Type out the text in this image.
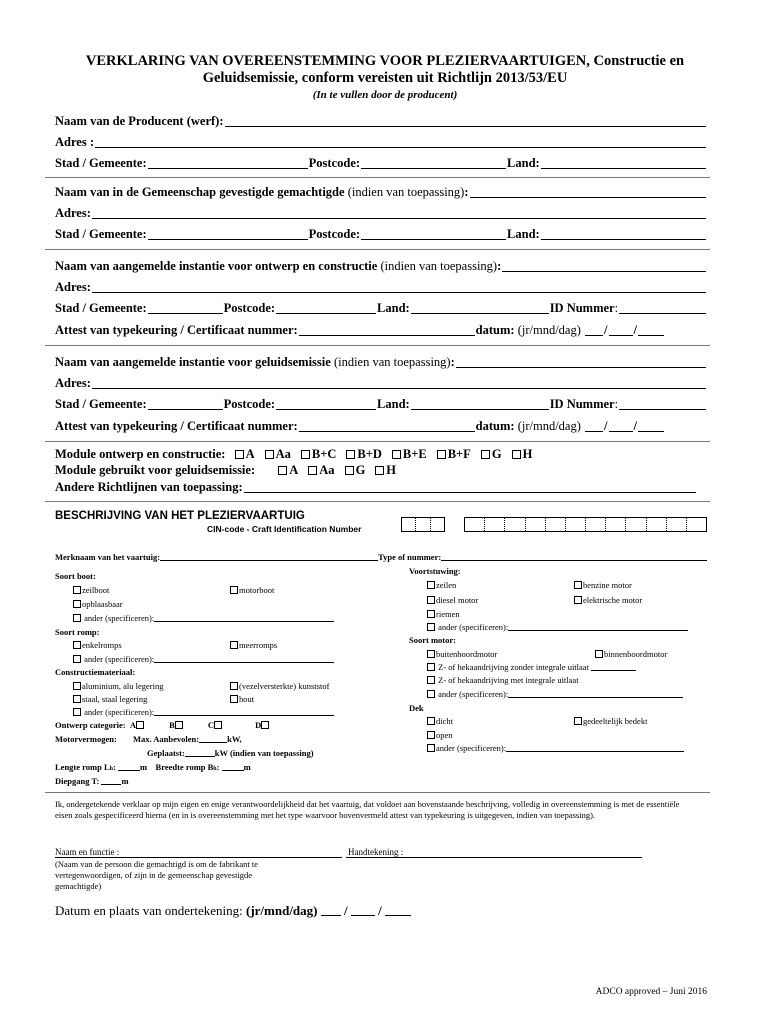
VERKLARING VAN OVEREENSTEMMING VOOR PLEZIERVAARTUIGEN, Constructie en
Geluidsemissie, conform vereisten uit Richtlijn 2013/53/EU
(In te vullen door de producent)
Naam van de Producent (werf):
Adres :
Stad / Gemeente:	Postcode:	Land:
Naam van in de Gemeenschap gevestigde gemachtigde
(indien van toepassing) :
Adres:
Stad / Gemeente:	Postcode:	Land:
Naam van aangemelde instantie voor ontwerp en constructie
(indien van toepassing) :
Adres:
Stad / Gemeente:	Postcode:	Land:	ID Nummer :
Attest van typekeuring / Certificaat nummer:	datum:
(jr/mnd/dag)
/ /
Naam van aangemelde instantie voor geluidsemissie
(indien van toepassing) :
Adres:
Stad / Gemeente:	Postcode:	Land:	ID Nummer :
Attest van typekeuring / Certificaat nummer:	datum:
(jr/mnd/dag)
/ /
Module ontwerp en constructie: A Aa B+C B+D B+E B+F G H
Module gebruikt voor geluidsemissie:	A Aa G H
Andere Richtlijnen van toepassing:
BESCHRIJVING VAN HET PLEZIERVAARTUIG
CIN-code - Craft Identification Number
Merknaam van het vaartuig:	Type of nummer:
Soort boot:
zeilboot	motorboot
opblaasbaar
ander (specificeren):
Soort romp:
enkelromps	meerromps
ander (specificeren):
Constructiemateriaal:
aluminium, alu legering	(vezelversterkte) kunststof
staal, staal legering	hout
ander (specificeren):
Ontwerp categorie: A	B	C	D
Motorvermogen: Max. Aanbevolen:	kW,
Geplaatst:	kW (indien van toepassing)
Lengte romp Lh:	m Breedte romp Bh:	m
Diepgang T:	m
Voortstuwing:
zeilen	benzine motor
diesel motor	elektrische motor
riemen
ander (specificeren):
Soort motor:
buitenboordmotor	binnenboordmotor
Z- of hekaandrijving zonder integrale uitlaat
Z- of hekaandrijving met integrale uitlaat
ander (specificeren):
Dek
dicht	gedeeltelijk bedekt
open
ander (specificeren):
Ik, ondergetekende verklaar op mijn eigen en enige verantwoordelijkheid dat het vaartuig, dat voldoet aan bovenstaande beschrijving, volledig in overeenstemming is met de essentiële eisen zoals gespecificeerd hierna (en in is overeenstemming met het type waarvoor bovenvermeld attest van typekeuring is uitgegeven, indien van toepassing).
Naam en functie :	Handtekening :
(Naam van de persoon die gemachtigd is om de fabrikant te
vertegenwoordigen, of zijn in de gemeenschap gevestigde
gemachtigde)
Datum en plaats van ondertekening: (jr/mnd/dag) / /
ADCO approved – Juni 2016
